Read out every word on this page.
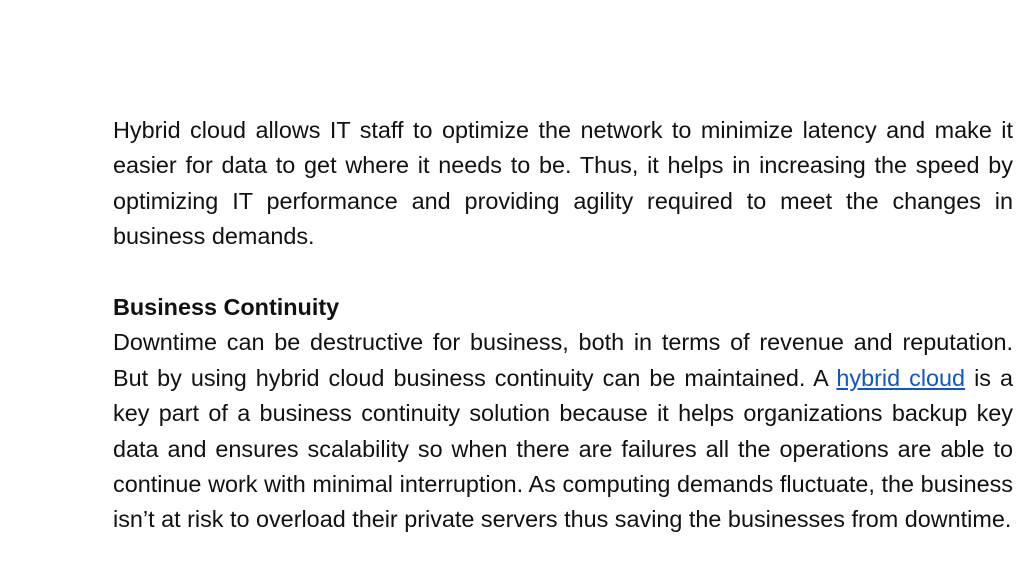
Hybrid cloud allows IT staff to optimize the network to minimize latency and make it easier for data to get where it needs to be. Thus, it helps in increasing the speed by optimizing IT performance and providing agility required to meet the changes in business demands.

Business Continuity

Downtime can be destructive for business, both in terms of revenue and reputation. But by using hybrid cloud business continuity can be maintained. A hybrid cloud is a key part of a business continuity solution because it helps organizations backup key data and ensures scalability so when there are failures all the operations are able to continue work with minimal interruption. As computing demands fluctuate, the business isn’t at risk to overload their private servers thus saving the businesses from downtime.
